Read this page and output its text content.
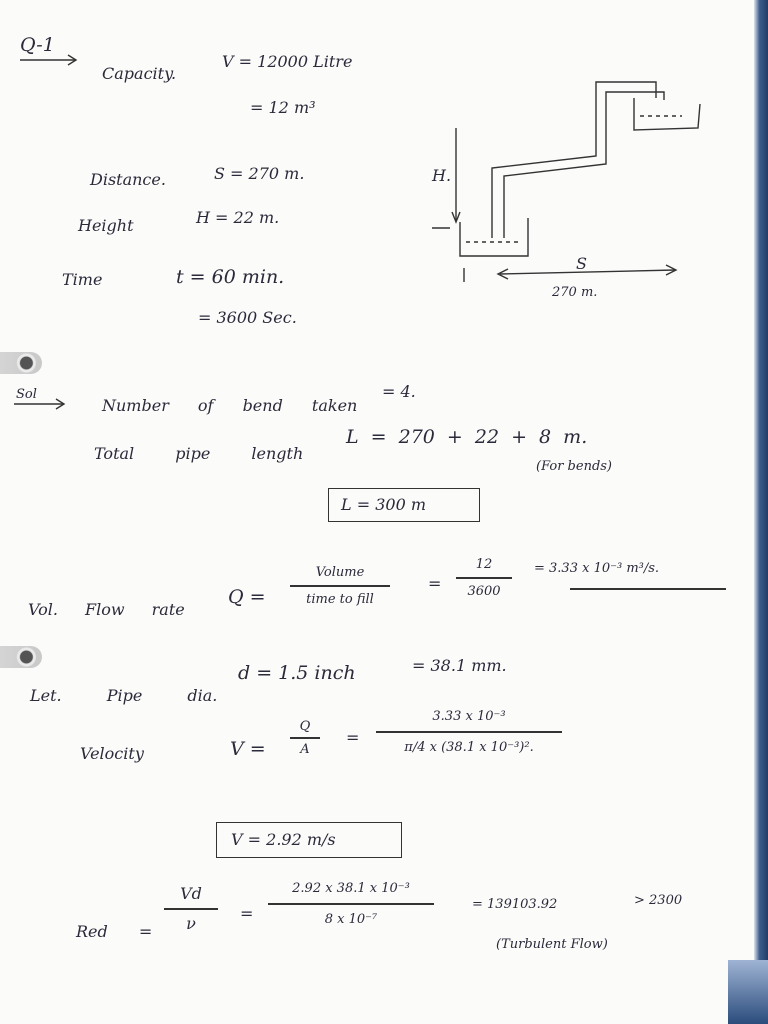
Q-1
Capacity.
V = 12000 Litre
= 12 m³
Distance.	S = 270 m.
Height	H = 22 m.
Time	t = 60 min.
= 3600 Sec.
H.
S
270 m.
Sol
Number of bend taken
= 4.
Total pipe length
L = 270 + 22 + 8 m.
(For bends)
L = 300 m
Vol. Flow rate
Q =
Volume
time to fill
=
12
3600
= 3.33 x 10⁻³ m³/s.
Let. Pipe dia.
d = 1.5 inch	= 38.1 mm.
Velocity	V =
Q
A
=
3.33 x 10⁻³
π/4 x (38.1 x 10⁻³)².
V = 2.92 m/s
Red =
Vd
ν	=
2.92 x 38.1 x 10⁻³
8 x 10⁻⁷
= 139103.92	> 2300
(Turbulent Flow)
